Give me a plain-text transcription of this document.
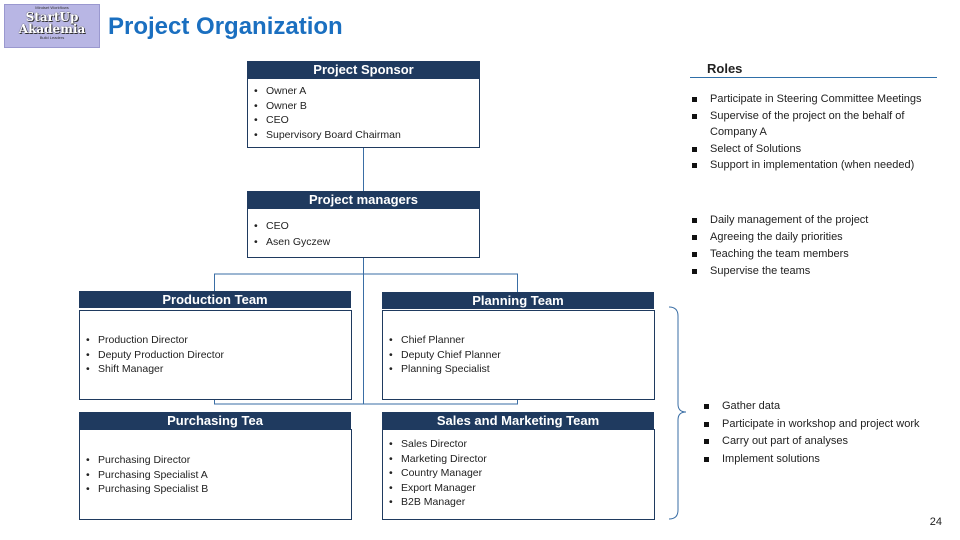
Mindset Workflows
StartUp
Akademia
Build Leaders	Project Organization
Project Sponsor
• Owner A
• Owner B
• CEO
• Supervisory Board Chairman
Project managers
• CEO
• Asen Gyczew
Production Team
• Production Director
• Deputy Production Director
• Shift Manager
Planning Team
• Chief Planner
• Deputy Chief Planner
• Planning Specialist
Purchasing Tea
• Purchasing Director
• Purchasing Specialist A
• Purchasing Specialist B
Sales and Marketing Team
• Sales Director
• Marketing Director
• Country Manager
• Export Manager
• B2B Manager
Roles
Participate in Steering Committee Meetings
Supervise of the project on the behalf of Company A
Select of Solutions
Support in implementation (when needed)
Daily management of the project
Agreeing the daily priorities
Teaching the team members
Supervise the teams
Gather data
Participate in workshop and project work
Carry out part of analyses
Implement solutions
24
